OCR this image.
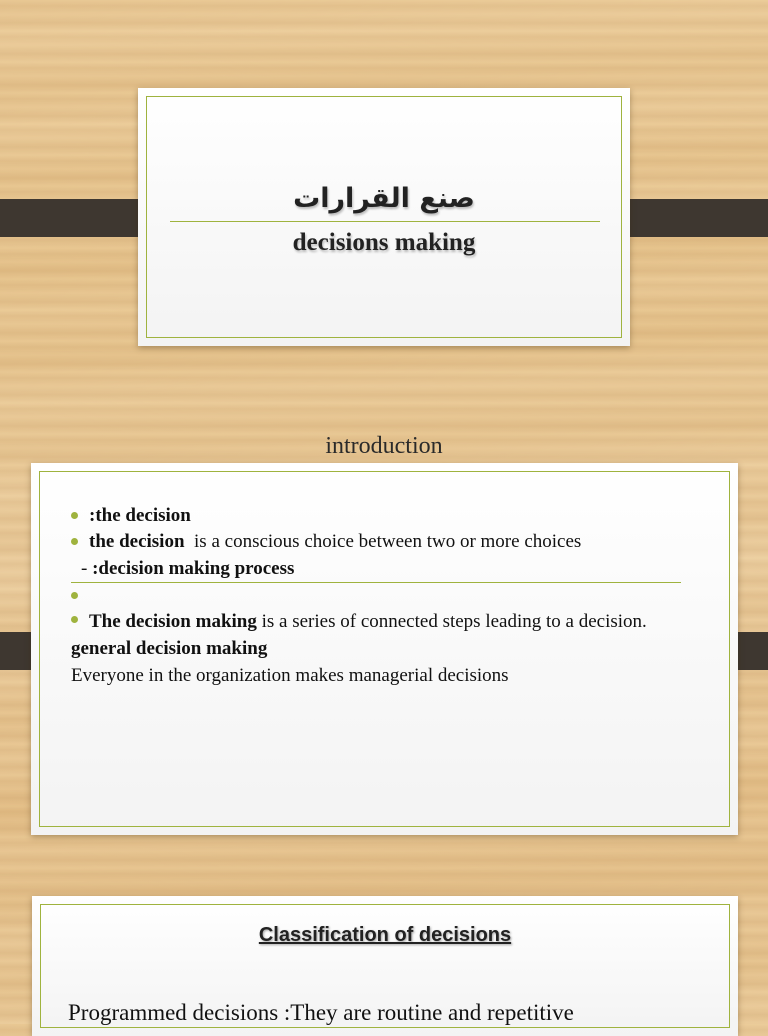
صنع القرارات
decisions making
introduction
:the decision
the decision is a conscious choice between two or more choices
- :decision making process
The decision making is a series of connected steps leading to a decision.
general decision making
Everyone in the organization makes managerial decisions
Classification of decisions
Programmed decisions :They are routine and repetitive
